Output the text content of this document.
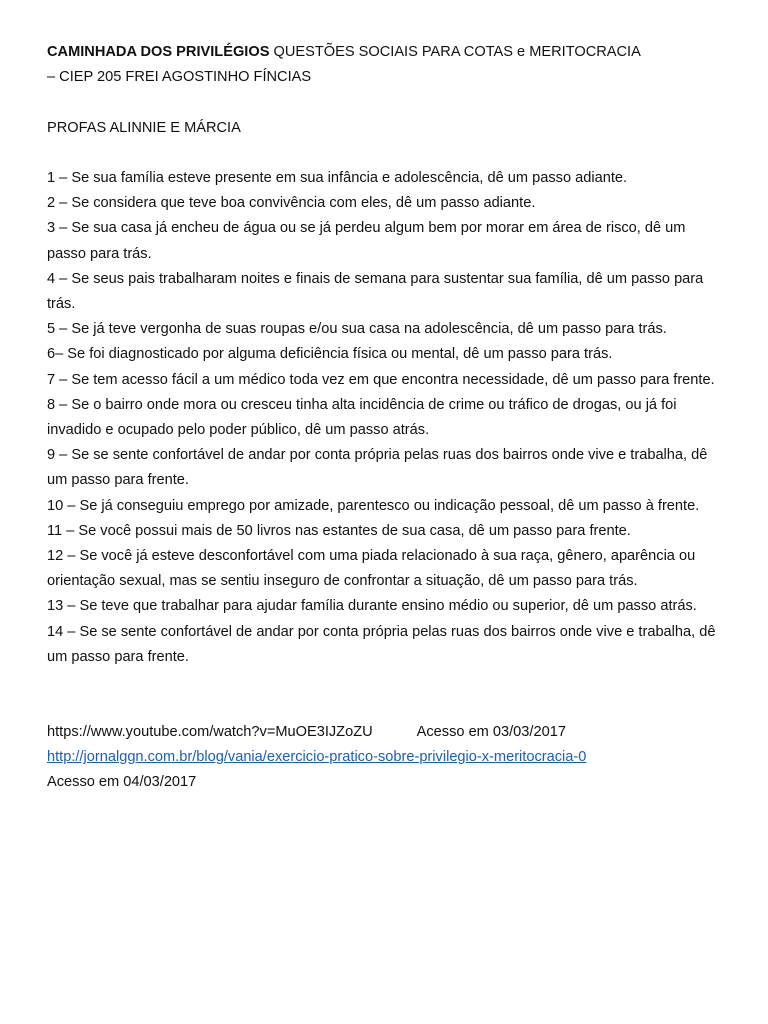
CAMINHADA DOS PRIVILÉGIOS QUESTÕES SOCIAIS PARA COTAS e MERITOCRACIA

– CIEP 205 FREI AGOSTINHO FÍNCIAS

PROFAS ALINNIE E MÁRCIA

1 – Se sua família esteve presente em sua infância e adolescência, dê um passo adiante.
2 – Se considera que teve boa convivência com eles, dê um passo adiante.
3 – Se sua casa já encheu de água ou se já perdeu algum bem por morar em área de risco, dê um passo para trás.
4 – Se seus pais trabalharam noites e finais de semana para sustentar sua família, dê um passo para trás.
5 – Se já teve vergonha de suas roupas e/ou sua casa na adolescência, dê um passo para trás.
6– Se foi diagnosticado por alguma deficiência física ou mental, dê um passo para trás.
7 – Se tem acesso fácil a um médico toda vez em que encontra necessidade, dê um passo para frente.
8 – Se o bairro onde mora ou cresceu tinha alta incidência de crime ou tráfico de drogas, ou já foi invadido e ocupado pelo poder público, dê um passo atrás.
9 – Se se sente confortável de andar por conta própria pelas ruas dos bairros onde vive e trabalha, dê um passo para frente.
10 – Se já conseguiu emprego por amizade, parentesco ou indicação pessoal, dê um passo à frente.
11 – Se você possui mais de 50 livros nas estantes de sua casa, dê um passo para frente.
12 – Se você já esteve desconfortável com uma piada relacionado à sua raça, gênero, aparência ou orientação sexual, mas se sentiu inseguro de confrontar a situação, dê um passo para trás.
13 – Se teve que trabalhar para ajudar família durante ensino médio ou superior, dê um passo atrás.
14 – Se se sente confortável de andar por conta própria pelas ruas dos bairros onde vive e trabalha, dê um passo para frente.
https://www.youtube.com/watch?v=MuOE3IJZoZU	Acesso em 03/03/2017
http://jornalggn.com.br/blog/vania/exercicio-pratico-sobre-privilegio-x-meritocracia-0
Acesso em 04/03/2017
